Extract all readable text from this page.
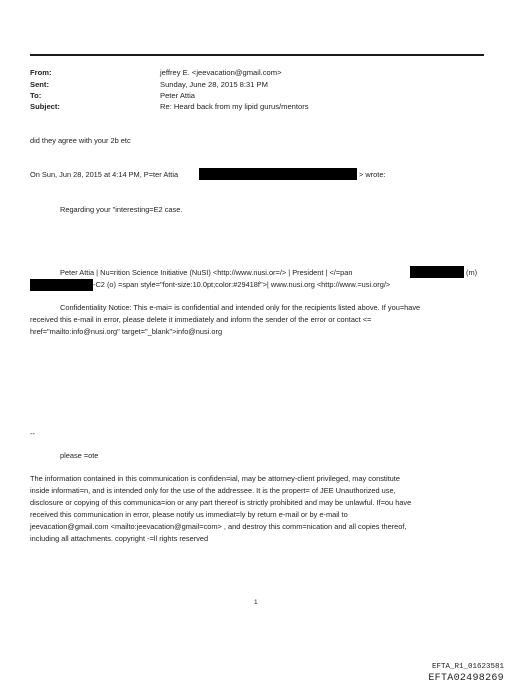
From:	jeffrey E. <jeevacation@gmail.com>
Sent:	Sunday, June 28, 2015 8:31 PM
To:	Peter Attia
Subject:	Re: Heard back from my lipid gurus/mentors
did they agree with your 2b etc
On Sun, Jun 28, 2015 at 4:14 PM, P=ter Attia	> wrote:
Regarding your "interesting=E2 case.
Peter Attia | Nu=rition Science Initiative (NuSI) <http://www.nusi.or=/> | President | </=pan	(m)
-C2 (o) =span style="font-size:10.0pt;color:#29418f">| www.nusi.org <http://www.=usi.org/>
Confidentiality Notice: This e-mai= is confidential and intended only for the recipients listed above. If you=have
received this e-mail in error, please delete it immediately and inform the sender of the error or contact <=
href="mailto:info@nusi.org" target="_blank">info@nusi.org
--
please =ote
The information contained in this communication is confiden=ial, may be attorney-client privileged, may constitute
inside informati=n, and is intended only for the use of the addressee. It is the propert= of JEE Unauthorized use,
disclosure or copying of this communica=ion or any part thereof is strictly prohibited and may be unlawful. If=ou have
received this communication in error, please notify us immediat=ly by return e-mail or by e-mail to
jeevacation@gmail.com <mailto:jeevacation@gmail=com> , and destroy this comm=nication and all copies thereof,
including all attachments. copyright -=ll rights reserved
1
EFTA_R1_01623581
EFTA02498269
